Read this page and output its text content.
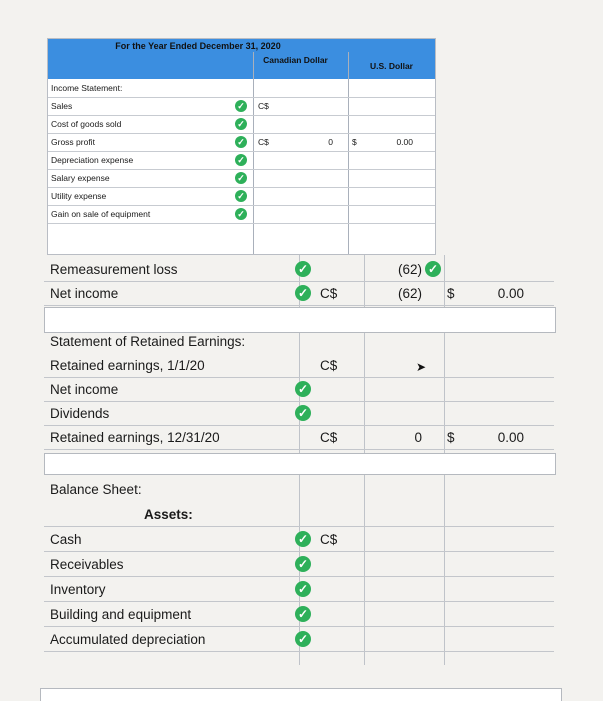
For the Year Ended December 31, 2020
Canadian Dollar
U.S. Dollar
Income Statement:
Sales	✓ C$
Cost of goods sold	✓
Gross profit	✓ C$	0 $	0.00
Depreciation expense	✓
Salary expense	✓
Utility expense	✓
Gain on sale of equipment	✓
Remeasurement loss	✓	(62) ✓
Net income	✓ C$	(62) $	0.00
Statement of Retained Earnings:
Retained earnings, 1/1/20	C$	➤
Net income	✓
Dividends	✓
Retained earnings, 12/31/20	C$	0 $	0.00
Balance Sheet:
Assets:
Cash	✓ C$
Receivables	✓
Inventory	✓
Building and equipment	✓
Accumulated depreciation	✓
